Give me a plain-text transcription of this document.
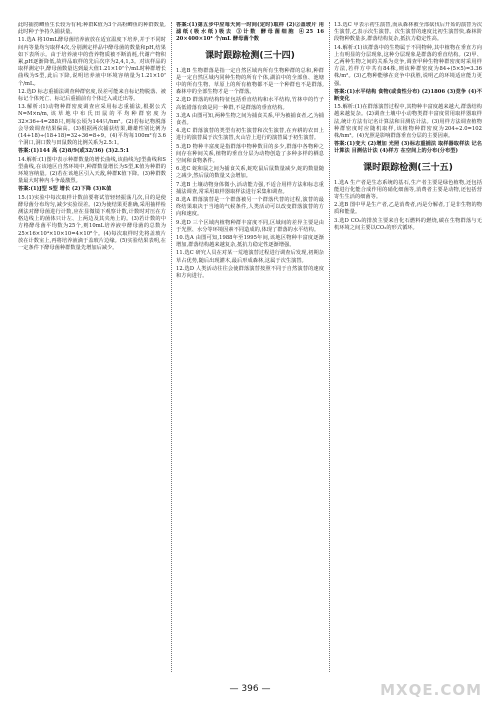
此时捕捞鲫鱼生长较为有利;种群K值为3个高粉鲫鱼的种群数量,此时种子争持久捕获量。

11.选A 将10mL酵母菌培养液放在适宜温度下培养,并于不同时间内等量均匀取样4次,分别测定样品中酵母菌的数量和pH,结果如下表所示。由于培养液中的营养物质被不断消耗,代谢产物积累,pH逐渐降低,故样品取样的先后次序为2,4,1,3。对该样品的取样测定中,酵母菌数量达到最大值1.21×10⁷个/mL时种群增长曲线为S型,此后下降,说明培养液中环境容纳量为1.21×10⁷个/mL。

12.选D 标志重捕法调查种群密度,误差可能来自标记物脱落、被标记个体死亡、标记后重捕前有个体迁入或迁出等。

13.解析:(1)动物种群密度调查应采用标志重捕法,根据公式N=M×n/m,该草地中布氏田鼠的平均种群密度为32×36÷4=288只,则每公顷为144只/hm²。(2)若标记物脱落会导致调查结果偏高。(3)根据两次捕获结果,雌雄性别比例为(14+18)÷(18+18)=32÷36=8÷9。(4)平均每100m²有3.6个洞口,洞口数与田鼠数的比例关系为2.5:1。

答案:(1)144 高 (2)8/9(或32/36) (3)2.5:1

14.解析:(1)图中表示种群数量的增长曲线,该曲线为J型曲线和S型曲线,在该地区自然环境中,种群数量增长为S型,K值为种群的环境容纳量。(2)若在该地区引入天敌,种群K值下降。(3)种群数量最大时种内斗争最激烈。

答案:(1)J型 S型 增长 (2)下降 (3)K值

15.(1)实验中每次取样计数前要将试管轻轻振荡几次,目的是使酵母菌分布均匀,减少实验误差。(2)为使结果更准确,采用抽样检测法对酵母菌进行计数,应在显微镜下观察计数,计数时对压在方格边线上的菌体只计左、上两边及其夹角上的。(3)若计数的中方格酵母菌平均数为25个,则10mL培养液中酵母菌的总数为25×16×10⁴×10×10=4×10⁸个。(4)每次取样时先将盖玻片放在计数室上,再将培养液滴于盖玻片边缘。(5)实验结果表明,在一定条件下酵母菌种群数量先增加后减少。

答案:(1)第五步中应每天同一时间(定时)取样 (2)②盖玻片 用滤纸(吸水纸)吸去 ③计数 酵母菌细胞 ④25 16 20×400×10⁴ 个/mL 酵母菌个数

课时跟踪检测(三十四)

1.选B 生物群落是指一定自然区域内所有生物种群的总和,种群是一定自然区域内同种生物的所有个体,湖泊中的全部鱼、池塘中的所有生物、草原上的所有植物都不是一个种群也不是群落,森林中的全部生物才是一个群落。

2.选D 群落的结构特征包括垂直结构和水平结构,竹林中的竹子高低错落有致是同一种群,不是群落的垂直结构。

3.选A 由图可知,两种生物之间为捕食关系,甲为被捕食者,乙为捕食者。

4.选C 群落演替的类型有初生演替和次生演替,在弃耕的农田上进行的演替属于次生演替,火山岩上进行的演替属于初生演替。

5.选D 物种丰富度是指群落中物种数目的多少,群落中各物种之间存在种间关系,植物的垂直分层为动物创造了多种多样的栖息空间和食物条件。

6.选C 蛇和鼠之间为捕食关系,蛇吃鼠后鼠数量减少,蛇的数量随之减少,然后鼠的数量又会增加。

7.选B 土壤动物身体微小,活动能力强,不适合用样方法和标志重捕法调查,常采用取样器取样法进行采集和调查。

8.选A 群落演替是一个群落被另一个群落代替的过程,演替的最终结果取决于当地的气候条件,人类活动可以改变群落演替的方向和速度。

9.选D 三个区域内植物种群丰富度不同,区域间的差异主要是由于光照、水分等环境因素不同造成的,体现了群落的水平结构。

10.选A 由图可知,1988年至1995年间,该地区物种丰富度逐渐增加,群落结构越来越复杂,抵抗力稳定性逐渐增强。

11.选C 研究人员在对某一荒地演替过程进行调查后发现,初期杂草占优势,随后出现灌木,最后形成森林,这属于次生演替。

12.选D 人类活动往往会使群落演替按照不同于自然演替的速度和方向进行。

13.选C 甲表示初生演替,而从森林被全部砍伐后开始的演替为次生演替,乙表示次生演替。次生演替的速度比初生演替快,森林阶段物种数量多,群落结构复杂,抵抗力稳定性高。

14.解析:(1)该群落中的生物属于不同物种,其中植物在垂直方向上有明显的分层现象,这种分层现象是群落的垂直结构。(2)甲、乙两种生物之间的关系为竞争,调查甲种生物种群密度时采用样方法,若样方中共有84株,则该种群密度为84÷(5×5)=3.36株/m²。(3)乙物种能够在竞争中获胜,说明乙的环境适应能力更强。

答案:(1)水平结构 食物(或食性分布) (2)1806 (3)竞争 (4)不断变化

15.解析:(1)在群落演替过程中,其物种丰富度越来越大,群落结构越来越复杂。(2)调查土壤中小动物类群丰富度常用取样器取样法,统计方法有记名计算法和目测估计法。(3)用样方法调查植物种群密度时应随机取样,该植物种群密度为204÷2.0=102株/hm²。(4)光照是影响群落垂直分层的主要因素。

答案:(1)变大 (2)增加 光照 (3)标志重捕法 取样器取样法 记名计算法 目测估计法 (4)样方 在空间上的分布(分布型)

课时跟踪检测(三十五)

1.选A 生产者是生态系统的基石,生产者主要是绿色植物,还包括能进行化能合成作用的硝化细菌等,消费者主要是动物,还包括营寄生生活的细菌等。

2.选B 图中甲是生产者,乙是消费者,丙是分解者,丁是非生物的物质和能量。

3.选D CO₂的排放主要来自化石燃料的燃烧,碳在生物群落与无机环境之间主要以CO₂的形式循环。

— 396 —	MXQE.COM
